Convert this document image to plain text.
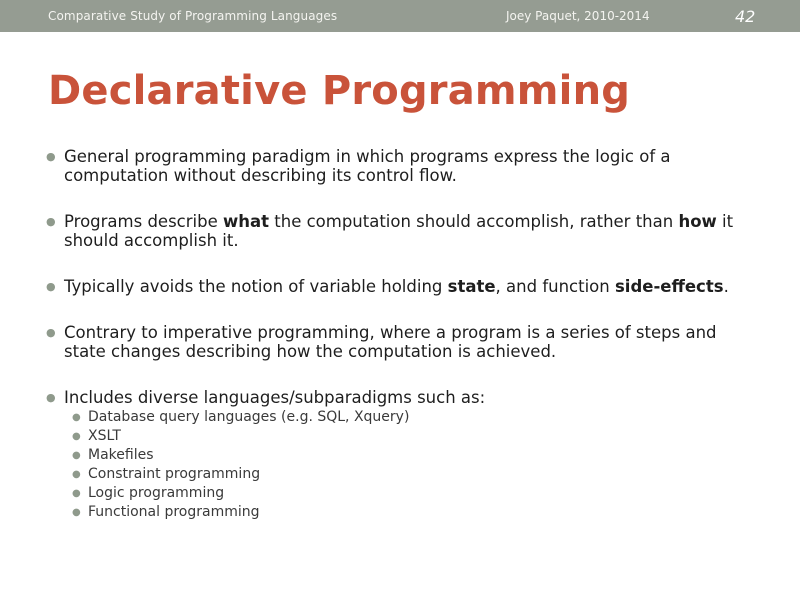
Comparative Study of Programming Languages	Joey Paquet, 2010-2014	42
Declarative Programming
● General programming paradigm in which programs express the logic of a computation without describing its control flow.
● Programs describe what the computation should accomplish, rather than how it should accomplish it.
● Typically avoids the notion of variable holding state, and function side-effects.
● Contrary to imperative programming, where a program is a series of steps and state changes describing how the computation is achieved.
● Includes diverse languages/subparadigms such as:
● Database query languages (e.g. SQL, Xquery)
● XSLT
● Makefiles
● Constraint programming
● Logic programming
● Functional programming
